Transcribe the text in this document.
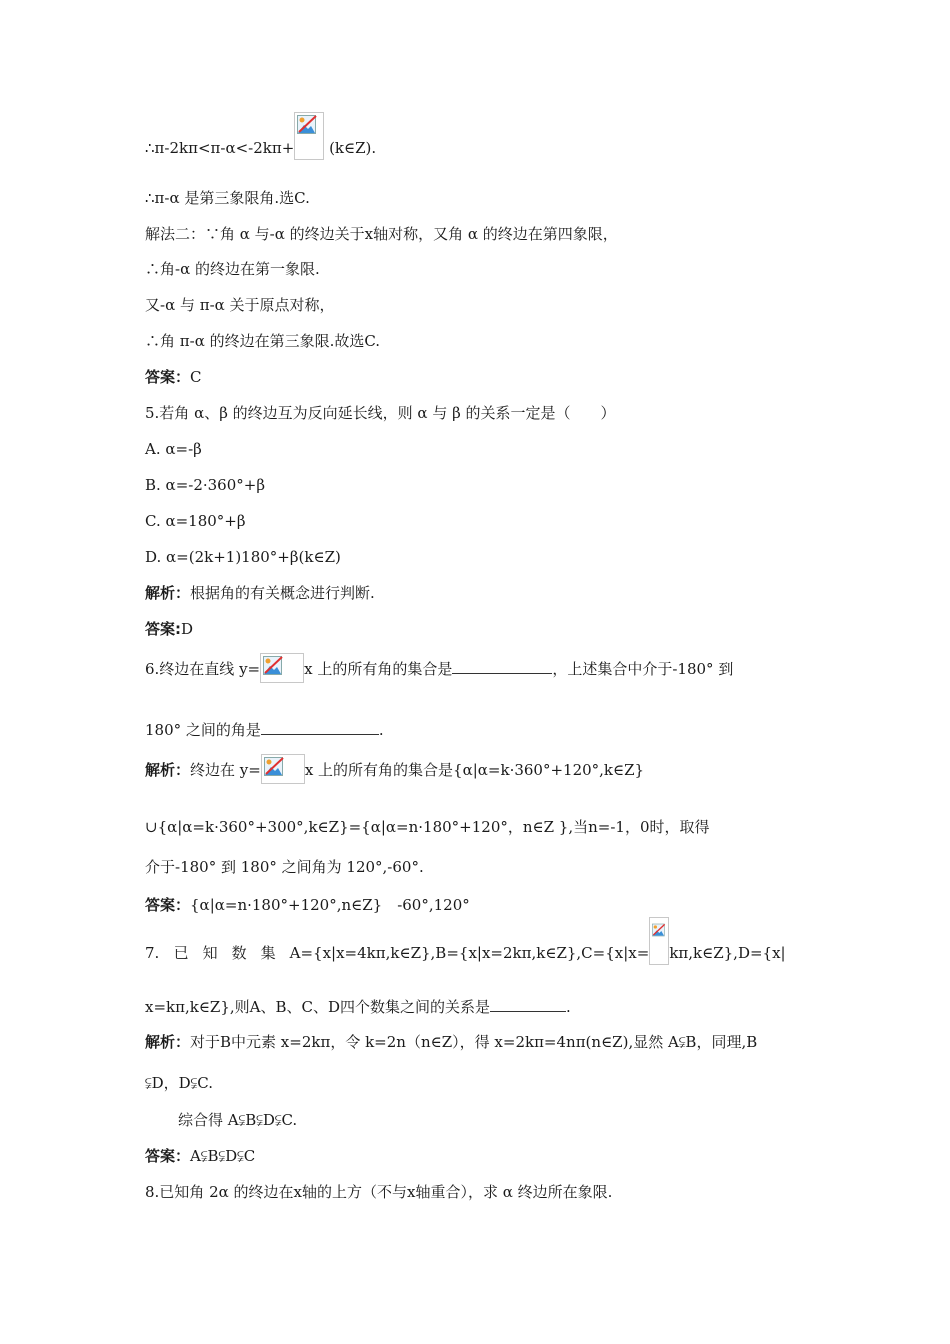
∴π-2kπ<π-α<-2kπ+ (k∈Z).
∴π-α 是第三象限角.选C.
解法二：∵角 α 与-α 的终边关于x轴对称，又角 α 的终边在第四象限，
∴角-α 的终边在第一象限.
又-α 与 π-α 关于原点对称，
∴角 π-α 的终边在第三象限.故选C.
答案：C
5.若角 α、β 的终边互为反向延长线，则 α 与 β 的关系一定是（　　）
A. α=-β
B. α=-2·360°+β
C. α=180°+β
D. α=(2k+1)180°+β(k∈Z)
解析：根据角的有关概念进行判断.
答案:D
6.终边在直线 y=	x 上的所有角的集合是	，上述集合中介于-180° 到
180° 之间的角是	.
解析：终边在 y=	x 上的所有角的集合是{α|α=k·360°+120°,k∈Z}
∪{α|α=k·360°+300°,k∈Z}={α|α=n·180°+120°，n∈Z },当n=-1，0时，取得
介于-180° 到 180° 之间角为 120°,-60°.
答案：{α|α=n·180°+120°,n∈Z}　-60°,120°
7. 已知数集A={x|x=4kπ,k∈Z},B={x|x=2kπ,k∈Z},C={x|x= kπ,k∈Z},D={x|
x=kπ,k∈Z},则A、B、C、D四个数集之间的关系是	.
解析：对于B中元素 x=2kπ，令 k=2n（n∈Z），得 x=2kπ=4nπ(n∈Z),显然 A⫋B，同理,B
⫋D，D⫋C.
综合得 A⫋B⫋D⫋C.
答案：A⫋B⫋D⫋C
8.已知角 2α 的终边在x轴的上方（不与x轴重合），求 α 终边所在象限.
